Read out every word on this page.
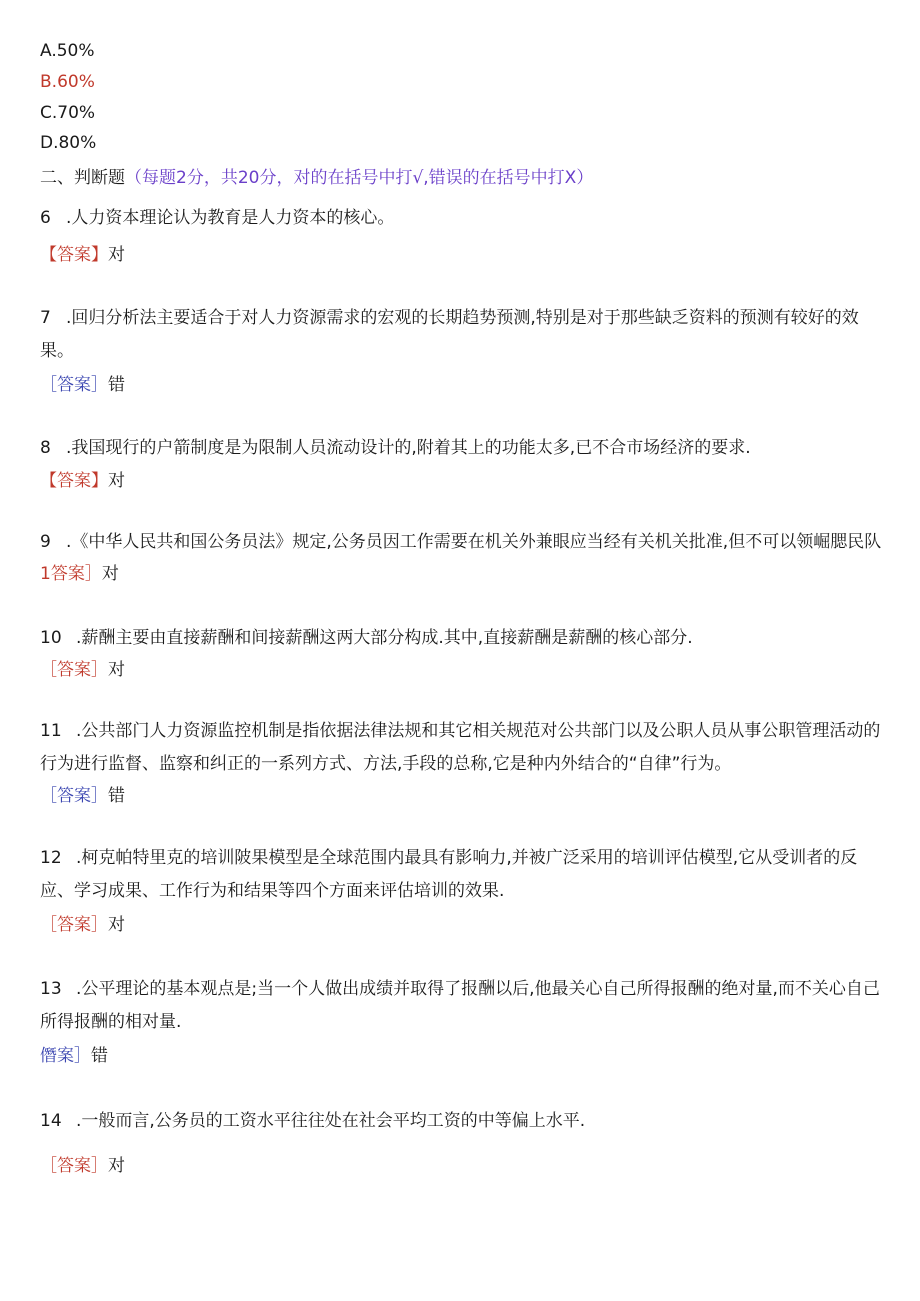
A.50%
B.60%
C.70%
D.80%
二、判断题（每题2分，共20分，对的在括号中打√,错误的在括号中打X）
6 .人力资本理论认为教育是人力资本的核心。
【答案】对
7 .回归分析法主要适合于对人力资源需求的宏观的长期趋势预测,特别是对于那些缺乏资料的预测有较好的效果。
［答案］错
8 .我国现行的户箭制度是为限制人员流动设计的,附着其上的功能太多,已不合市场经济的要求.
【答案】对
9 .《中华人民共和国公务员法》规定,公务员因工作需要在机关外兼眼应当经有关机关批准,但不可以领崛腮民队
1答案］对
10 .薪酬主要由直接薪酬和间接薪酬这两大部分构成.其中,直接薪酬是薪酬的核心部分.
［答案］对
11 .公共部门人力资源监控机制是指依据法律法规和其它相关规范对公共部门以及公职人员从事公职管理活动的行为进行监督、监察和纠正的一系列方式、方法,手段的总称,它是种内外结合的“自律”行为。
［答案］错
12 .柯克帕特里克的培训陂果模型是全球范围内最具有影响力,并被广泛采用的培训评估模型,它从受训者的反应、学习成果、工作行为和结果等四个方面来评估培训的效果.
［答案］对
13 .公平理论的基本观点是;当一个人做出成绩并取得了报酬以后,他最关心自己所得报酬的绝对量,而不关心自己所得报酬的相对量.
僭案］错
14 .一般而言,公务员的工资水平往往处在社会平均工资的中等偏上水平.
［答案］对
